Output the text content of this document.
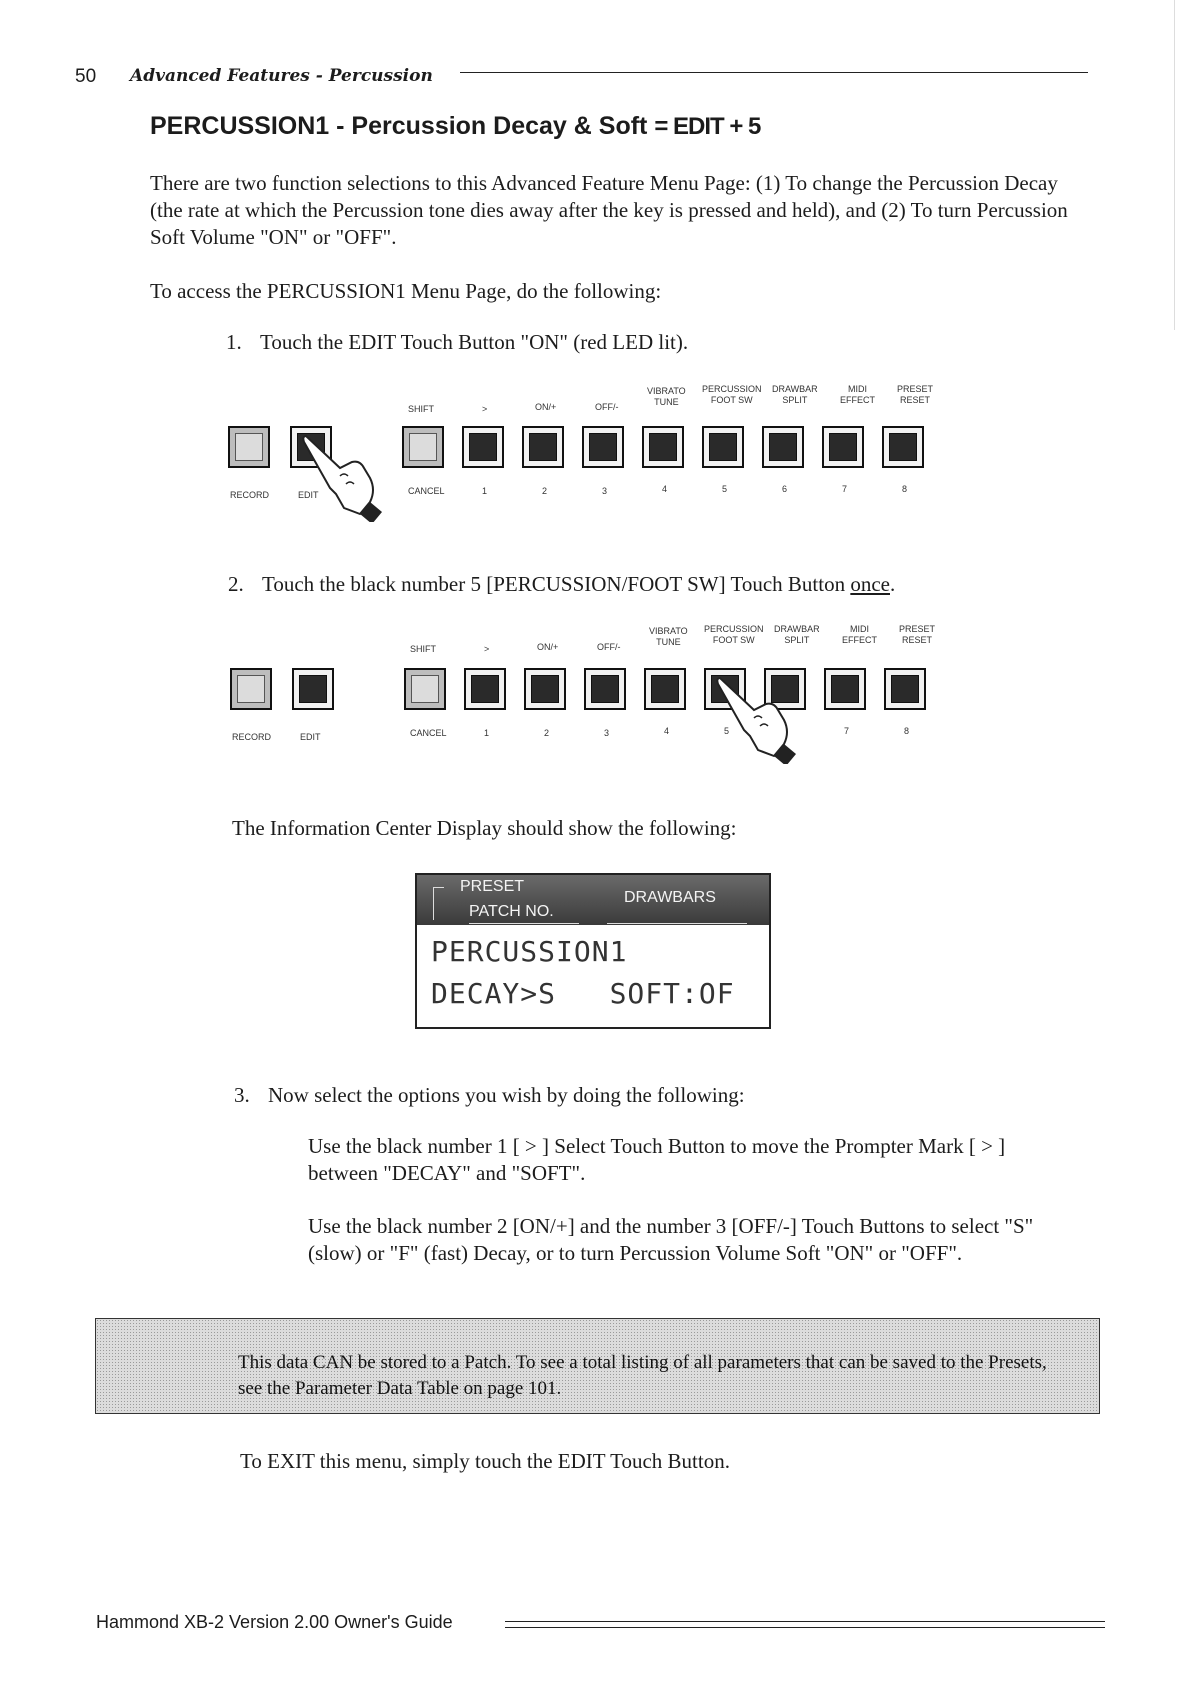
50 Advanced Features - Percussion
PERCUSSION1 - Percussion Decay & Soft = EDIT + 5
There are two function selections to this Advanced Feature Menu Page: (1) To change the Percussion Decay (the rate at which the Percussion tone dies away after the key is pressed and held), and (2) To turn Percussion Soft Volume "ON" or "OFF".
To access the PERCUSSION1 Menu Page, do the following:
1. Touch the EDIT Touch Button "ON" (red LED lit).
SHIFT	>	ON/+	OFF/-
VIBRATO
TUNE
PERCUSSION
FOOT SW
DRAWBAR
SPLIT
MIDI
EFFECT
PRESET
RESET
RECORD	EDIT	CANCEL	1	2	3	4	5	6	7	8
2. Touch the black number 5 [PERCUSSION/FOOT SW] Touch Button once.
SHIFT	>	ON/+	OFF/-
VIBRATO
TUNE
PERCUSSION
FOOT SW
DRAWBAR
SPLIT
MIDI
EFFECT
PRESET
RESET
RECORD	EDIT	CANCEL	1	2	3	4	5	7	8
The Information Center Display should show the following:
PRESET
PATCH NO.
DRAWBARS
PERCUSSION1
DECAY>S   SOFT:OF
3. Now select the options you wish by doing the following:
Use the black number 1 [ > ] Select Touch Button to move the Prompter Mark [ > ] between "DECAY" and "SOFT".
Use the black number 2 [ON/+] and the number 3 [OFF/-] Touch Buttons to select "S" (slow) or "F" (fast) Decay, or to turn Percussion Volume Soft "ON" or "OFF".
This data CAN be stored to a Patch. To see a total listing of all parameters that can be saved to the Presets, see the Parameter Data Table on page 101.
To EXIT this menu, simply touch the EDIT Touch Button.
Hammond XB-2 Version 2.00 Owner's Guide
